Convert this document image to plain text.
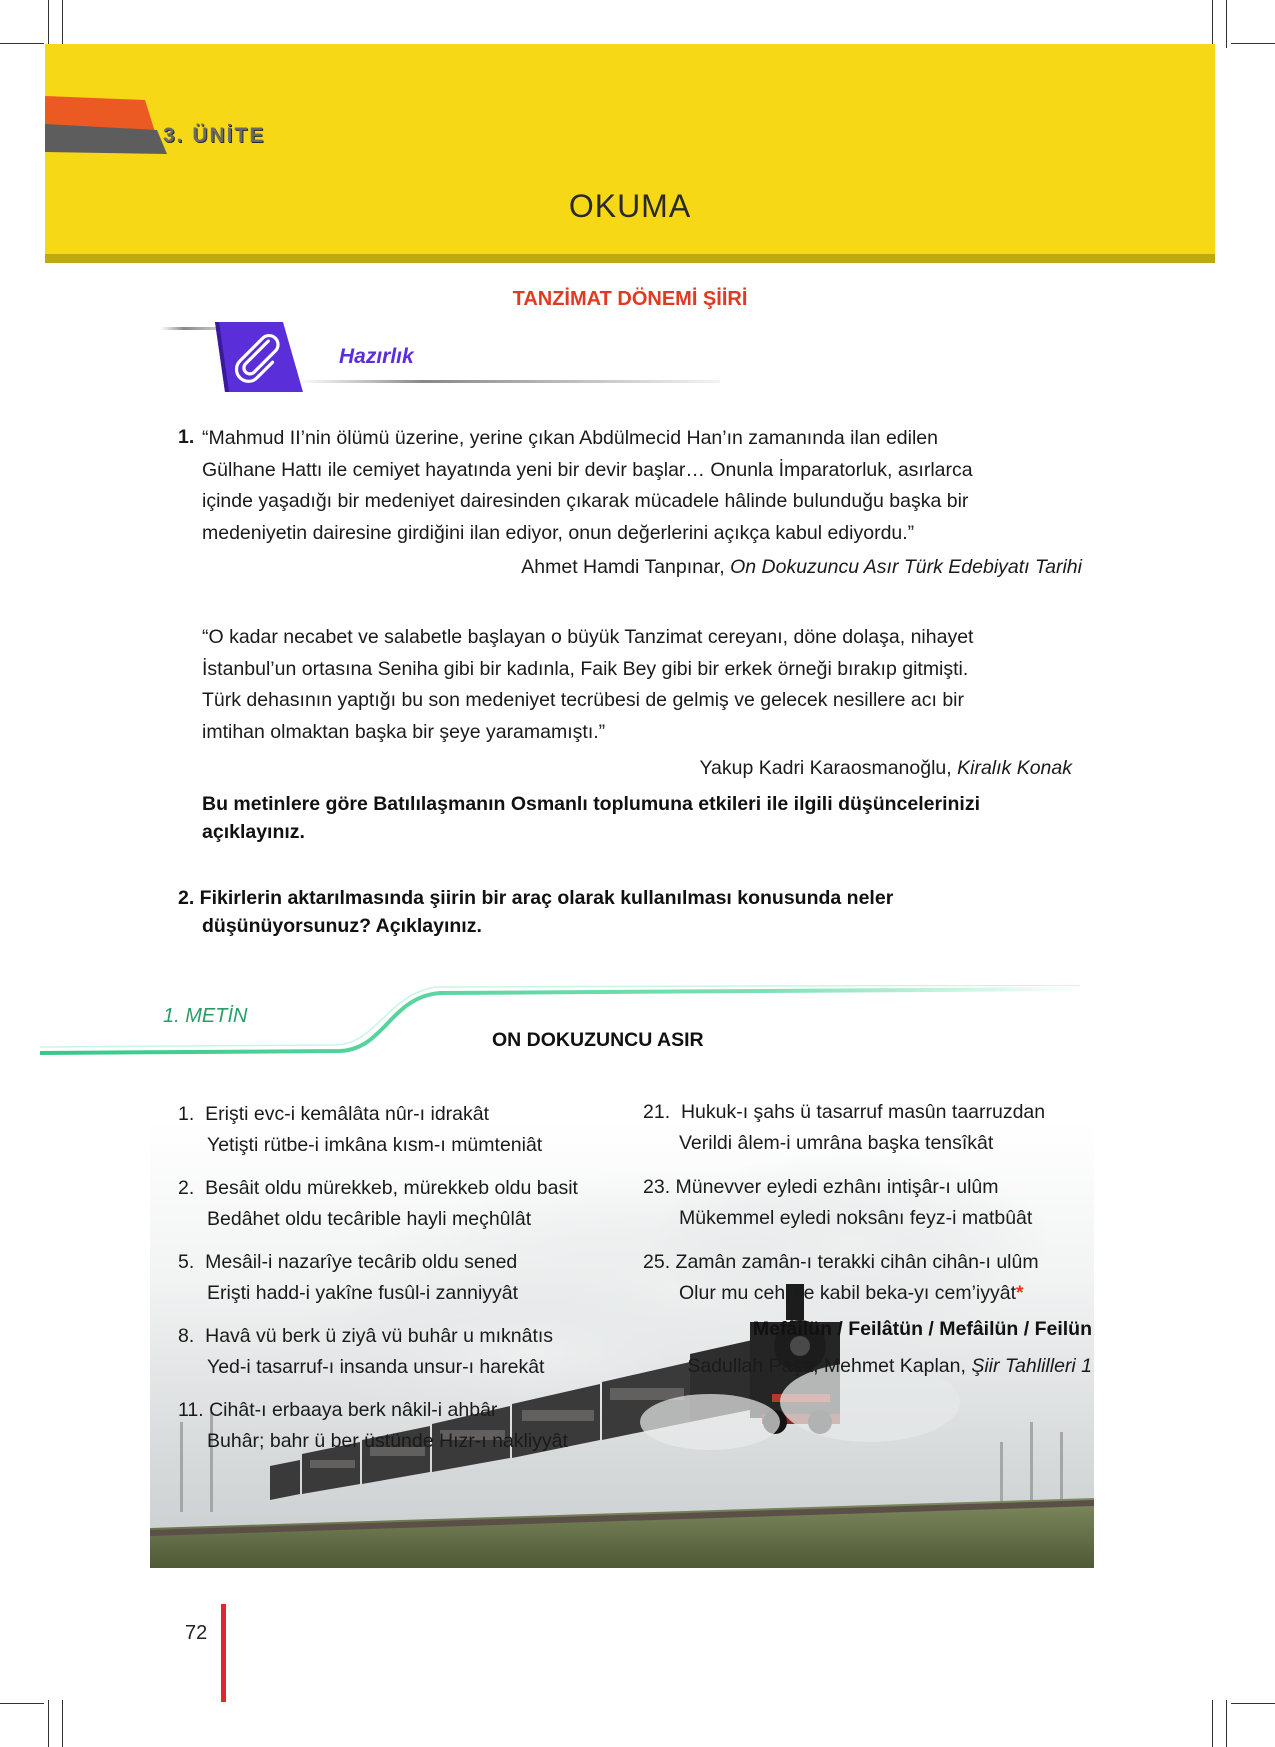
3. ÜNİTE
OKUMA
TANZİMAT DÖNEMİ ŞİİRİ
Hazırlık
1. “Mahmud II’nin ölümü üzerine, yerine çıkan Abdülmecid Han’ın zamanında ilan edilen
Gülhane Hattı ile cemiyet hayatında yeni bir devir başlar… Onunla İmparatorluk, asırlarca
içinde yaşadığı bir medeniyet dairesinden çıkarak mücadele hâlinde bulunduğu başka bir
medeniyetin dairesine girdiğini ilan ediyor, onun değerlerini açıkça kabul ediyordu.”
Ahmet Hamdi Tanpınar, On Dokuzuncu Asır Türk Edebiyatı Tarihi
“O kadar necabet ve salabetle başlayan o büyük Tanzimat cereyanı, döne dolaşa, nihayet
İstanbul’un ortasına Seniha gibi bir kadınla, Faik Bey gibi bir erkek örneği bırakıp gitmişti.
Türk dehasının yaptığı bu son medeniyet tecrübesi de gelmiş ve gelecek nesillere acı bir
imtihan olmaktan başka bir şeye yaramamıştı.”
Yakup Kadri Karaosmanoğlu, Kiralık Konak
Bu metinlere göre Batılılaşmanın Osmanlı toplumuna etkileri ile ilgili düşüncelerinizi
açıklayınız.
2. Fikirlerin aktarılmasında şiirin bir araç olarak kullanılması konusunda neler
düşünüyorsunuz? Açıklayınız.
1. METİN
ON DOKUZUNCU ASIR
1. Erişti evc-i kemâlâta nûr-ı idrakât
Yetişti rütbe-i imkâna kısm-ı mümteniât
2. Besâit oldu mürekkeb, mürekkeb oldu basit
Bedâhet oldu tecârible hayli meçhûlât
5. Mesâil-i nazarîye tecârib oldu sened
Erişti hadd-i yakîne fusûl-i zanniyyât
8. Havâ vü berk ü ziyâ vü buhâr u mıknâtıs
Yed-i tasarruf-ı insanda unsur-ı harekât
11. Cihât-ı erbaaya berk nâkil-i ahbâr
Buhâr; bahr ü ber üstünde Hızr-ı nakliyyât
21. Hukuk-ı şahs ü tasarruf masûn taarruzdan
Verildi âlem-i umrâna başka tensîkât
23. Münevver eyledi ezhânı intişâr-ı ulûm
Mükemmel eyledi noksânı feyz-i matbûât
25. Zamân zamân-ı terakki cihân cihân-ı ulûm
Olur mu cehl ile kabil beka-yı cem’iyyât*
Mefâilün / Feilâtün / Mefâilün / Feilün
Sadullah Paşa, Mehmet Kaplan, Şiir Tahlilleri 1
72
